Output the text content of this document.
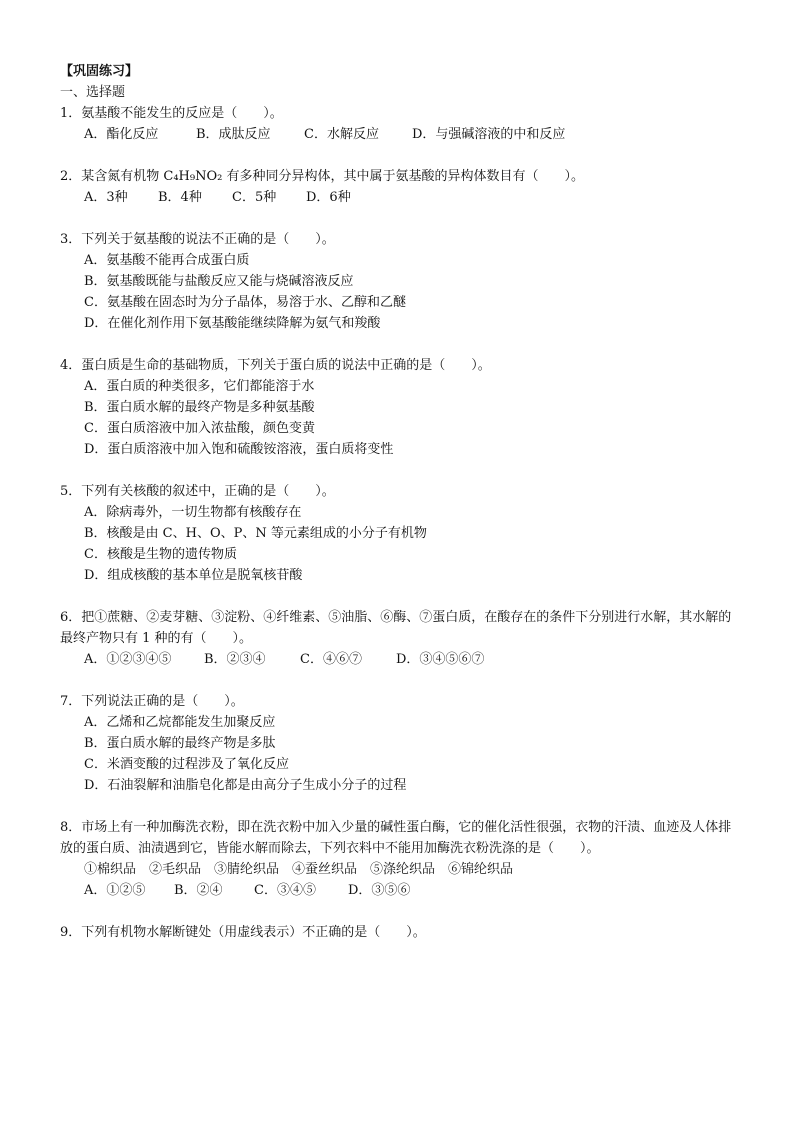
【巩固练习】
一、选择题
1．氨基酸不能发生的反应是（　　）。
A．酯化反应	B．成肽反应	C．水解反应	D．与强碱溶液的中和反应
2．某含氮有机物 C₄H₉NO₂ 有多种同分异构体，其中属于氨基酸的异构体数目有（　　）。
A．3种 B．4种 C．5种 D．6种
3．下列关于氨基酸的说法不正确的是（　　）。
A．氨基酸不能再合成蛋白质
B．氨基酸既能与盐酸反应又能与烧碱溶液反应
C．氨基酸在固态时为分子晶体，易溶于水、乙醇和乙醚
D．在催化剂作用下氨基酸能继续降解为氨气和羧酸
4．蛋白质是生命的基础物质，下列关于蛋白质的说法中正确的是（　　）。
A．蛋白质的种类很多，它们都能溶于水
B．蛋白质水解的最终产物是多种氨基酸
C．蛋白质溶液中加入浓盐酸，颜色变黄
D．蛋白质溶液中加入饱和硫酸铵溶液，蛋白质将变性
5．下列有关核酸的叙述中，正确的是（　　）。
A．除病毒外，一切生物都有核酸存在
B．核酸是由 C、H、O、P、N 等元素组成的小分子有机物
C．核酸是生物的遗传物质
D．组成核酸的基本单位是脱氧核苷酸
6．把①蔗糖、②麦芽糖、③淀粉、④纤维素、⑤油脂、⑥酶、⑦蛋白质，在酸存在的条件下分别进行水解，其水解的最终产物只有 1 种的有（　　）。
A．①②③④⑤	B．②③④	C．④⑥⑦	D．③④⑤⑥⑦
7．下列说法正确的是（　　）。
A．乙烯和乙烷都能发生加聚反应
B．蛋白质水解的最终产物是多肽
C．米酒变酸的过程涉及了氧化反应
D．石油裂解和油脂皂化都是由高分子生成小分子的过程
8．市场上有一种加酶洗衣粉，即在洗衣粉中加入少量的碱性蛋白酶，它的催化活性很强，衣物的汗渍、血迹及人体排放的蛋白质、油渍遇到它，皆能水解而除去，下列衣料中不能用加酶洗衣粉洗涤的是（　　）。
①棉织品　②毛织品　③腈纶织品　④蚕丝织品　⑤涤纶织品　⑥锦纶织品
A．①②⑤ B．②④ C．③④⑤ D．③⑤⑥
9．下列有机物水解断键处（用虚线表示）不正确的是（　　）。
